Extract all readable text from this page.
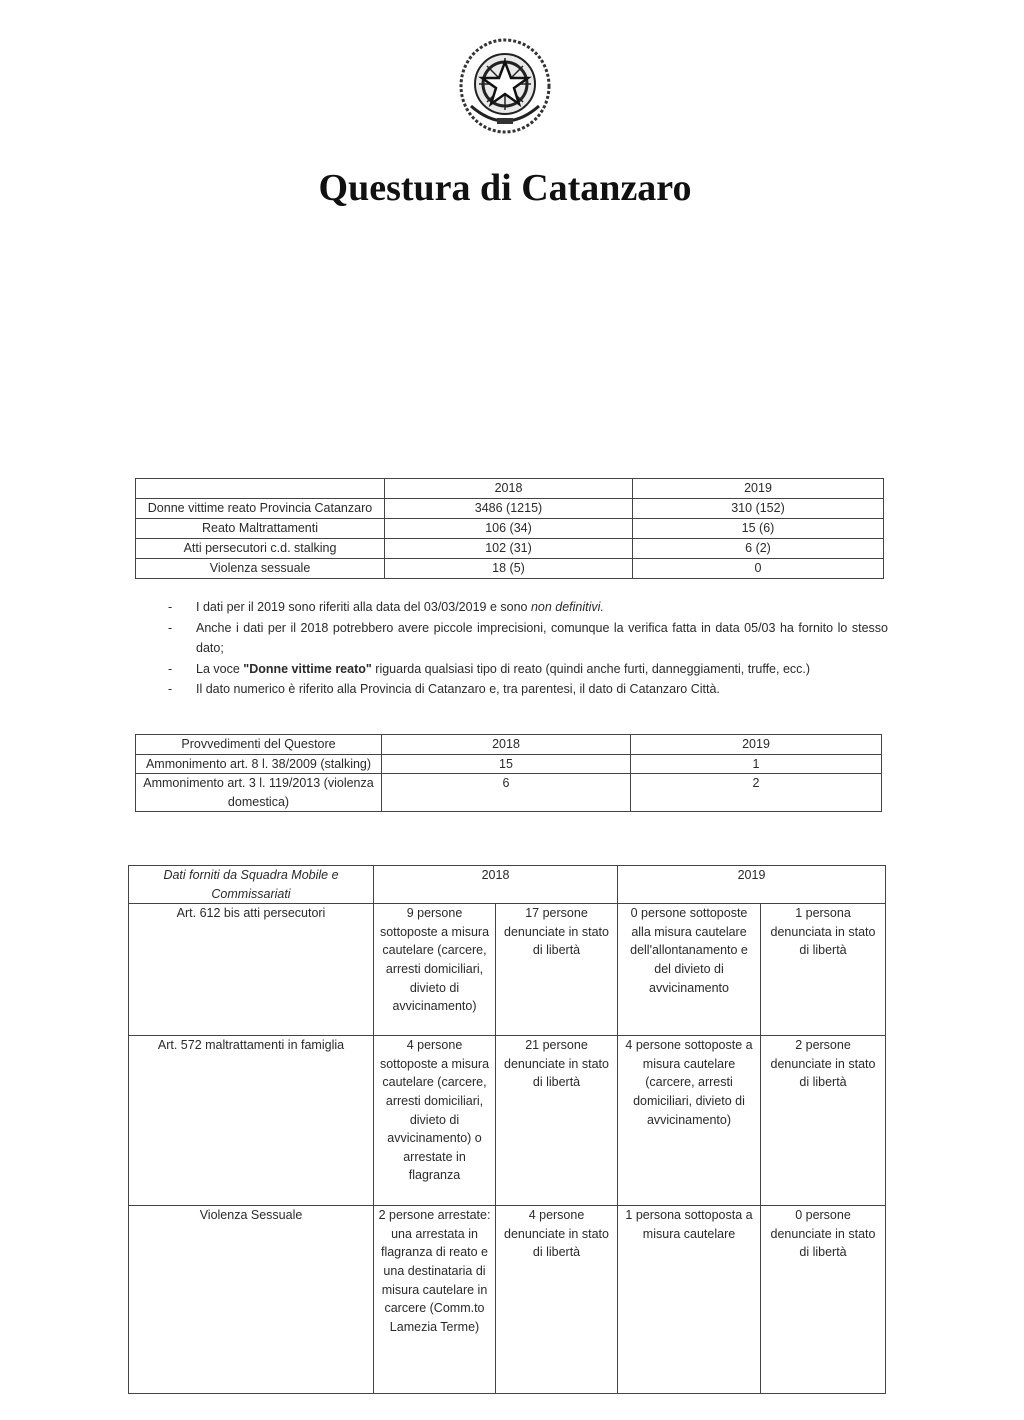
Questura di Catanzaro
	2018	2019
Donne vittime reato Provincia Catanzaro	3486 (1215)	310 (152)
Reato Maltrattamenti	106 (34)	15 (6)
Atti persecutori c.d. stalking	102 (31)	6 (2)
Violenza sessuale	18 (5)	0
- I dati per il 2019 sono riferiti alla data del 03/03/2019 e sono non definitivi.
- Anche i dati per il 2018 potrebbero avere piccole imprecisioni, comunque la verifica fatta in data 05/03 ha fornito lo stesso dato;
- La voce "Donne vittime reato" riguarda qualsiasi tipo di reato (quindi anche furti, danneggiamenti, truffe, ecc.)
- Il dato numerico è riferito alla Provincia di Catanzaro e, tra parentesi, il dato di Catanzaro Città.
Provvedimenti del Questore	2018	2019
Ammonimento art. 8 l. 38/2009 (stalking)	15	1
Ammonimento art. 3 l. 119/2013 (violenza domestica)	6	2
Dati forniti da Squadra Mobile e Commissariati	2018		2019	
Art. 612 bis atti persecutori	9 persone sottoposte a misura cautelare (carcere, arresti domiciliari, divieto di avvicinamento)	17 persone denunciate in stato di libertà	0 persone sottoposte alla misura cautelare dell'allontanamento e del divieto di avvicinamento	1 persona denunciata in stato di libertà
Art. 572 maltrattamenti in famiglia	4 persone sottoposte a misura cautelare (carcere, arresti domiciliari, divieto di avvicinamento) o arrestate in flagranza	21 persone denunciate in stato di libertà	4 persone sottoposte a misura cautelare (carcere, arresti domiciliari, divieto di avvicinamento)	2 persone denunciate in stato di libertà
Violenza Sessuale	2 persone arrestate: una arrestata in flagranza di reato e una destinataria di misura cautelare in carcere (Comm.to Lamezia Terme)	4 persone denunciate in stato di libertà	1 persona sottoposta a misura cautelare	0 persone denunciate in stato di libertà
